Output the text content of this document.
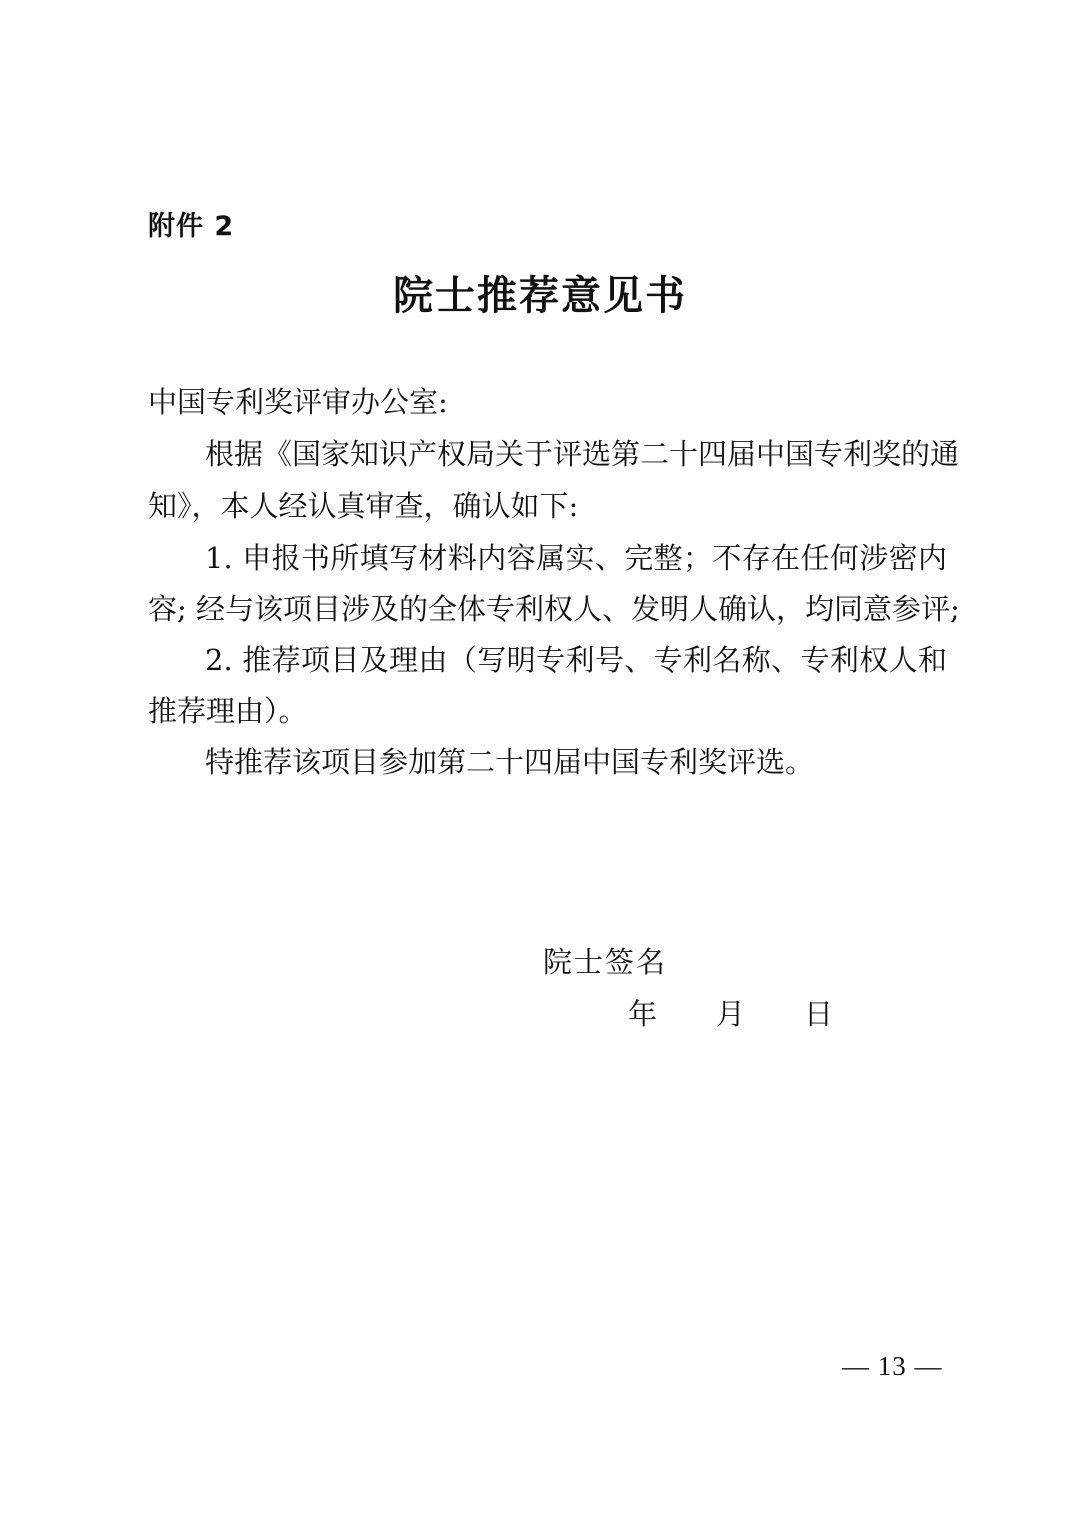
附件 2
院士推荐意见书
中国专利奖评审办公室:
根据《国家知识产权局关于评选第二十四届中国专利奖的通
知》，本人经认真审查，确认如下:
1. 申报书所填写材料内容属实、完整；不存在任何涉密内
容; 经与该项目涉及的全体专利权人、发明人确认，均同意参评;
2. 推荐项目及理由（写明专利号、专利名称、专利权人和
推荐理由）。
特推荐该项目参加第二十四届中国专利奖评选。
院士签名
年 月 日
— 13 —
